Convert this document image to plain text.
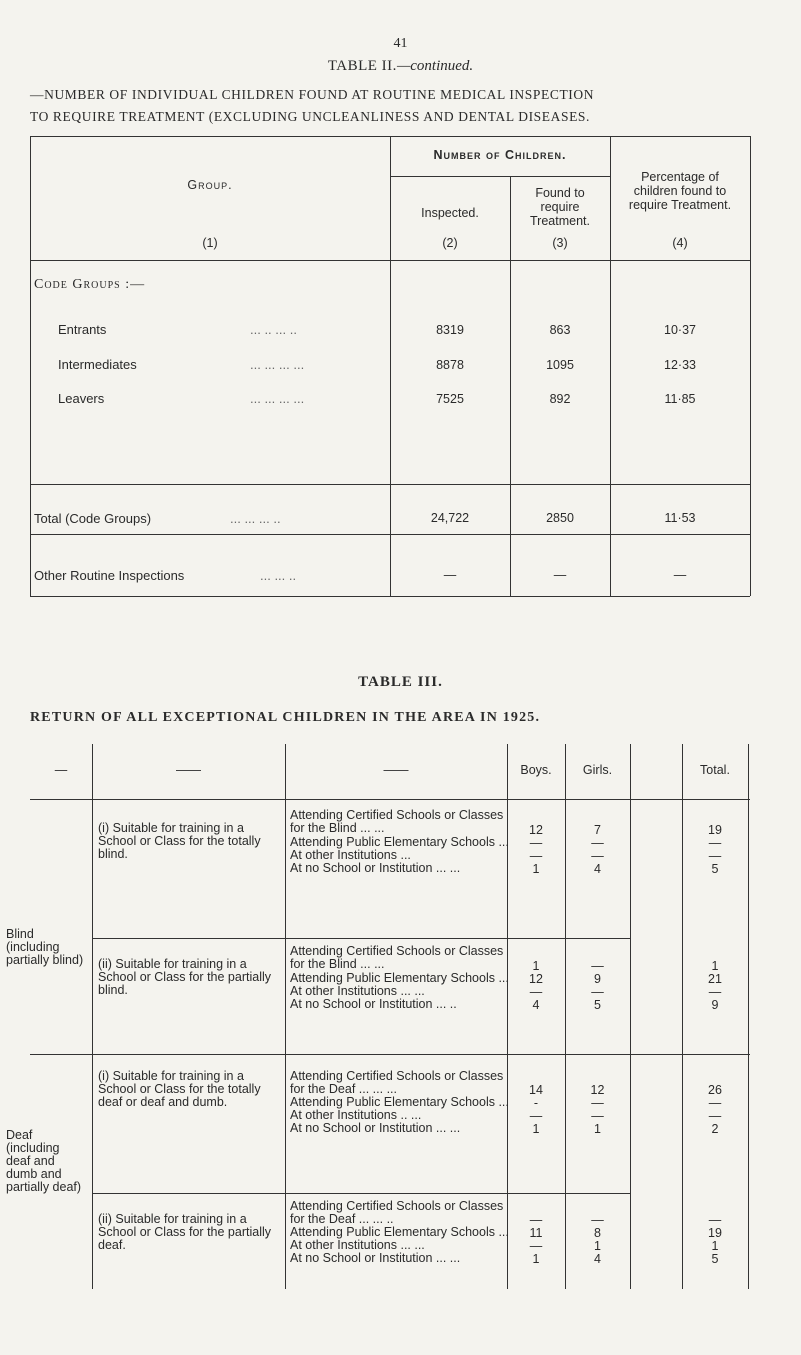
41
TABLE II.—continued.
—NUMBER OF INDIVIDUAL CHILDREN FOUND AT ROUTINE MEDICAL INSPECTION
TO REQUIRE TREATMENT (EXCLUDING UNCLEANLINESS AND DENTAL DISEASES.
Group.
(1)
Number of Children.
Inspected.
(2)
Found to require Treatment.
(3)
Percentage of children found to require Treatment.
(4)
Code Groups :—
Entrants	... .. ... ..	8319	863	10·37
Intermediates	... ... ... ...	8878	1095	12·33
Leavers	... ... ... ...	7525	892	11·85
Total (Code Groups)	... ... ... ..	24,722	2850	11·53
Other Routine Inspections	... ... ..	—	—	—
TABLE III.
RETURN OF ALL EXCEPTIONAL CHILDREN IN THE AREA IN 1925.
—	——	——	Boys.	Girls.	Total.
Blind (including partially blind)
(i) Suitable for training in a School or Class for the totally blind.
Attending Certified Schools or Classes for the Blind ... ...	12	7	19
Attending Public Elementary Schools ...	—	—	—
At other Institutions ...	—	—	—
At no School or Institution ... ...	1	4	5
(ii) Suitable for training in a School or Class for the partially blind.
Attending Certified Schools or Classes for the Blind ... ...	1	—	1
Attending Public Elementary Schools ...	12	9	21
At other Institutions ... ...	—	—	—
At no School or Institution ... ..	4	5	9
Deaf (including deaf and dumb and partially deaf)
(i) Suitable for training in a School or Class for the totally deaf or deaf and dumb.
Attending Certified Schools or Classes for the Deaf ... ... ...	14	12	26
Attending Public Elementary Schools ...	-	—	—
At other Institutions .. ...	—	—	—
At no School or Institution ... ...	1	1	2
(ii) Suitable for training in a School or Class for the partially deaf.
Attending Certified Schools or Classes for the Deaf ... ... ..	—	—	—
Attending Public Elementary Schools ...	11	8	19
At other Institutions ... ...	—	1	1
At no School or Institution ... ...	1	4	5
